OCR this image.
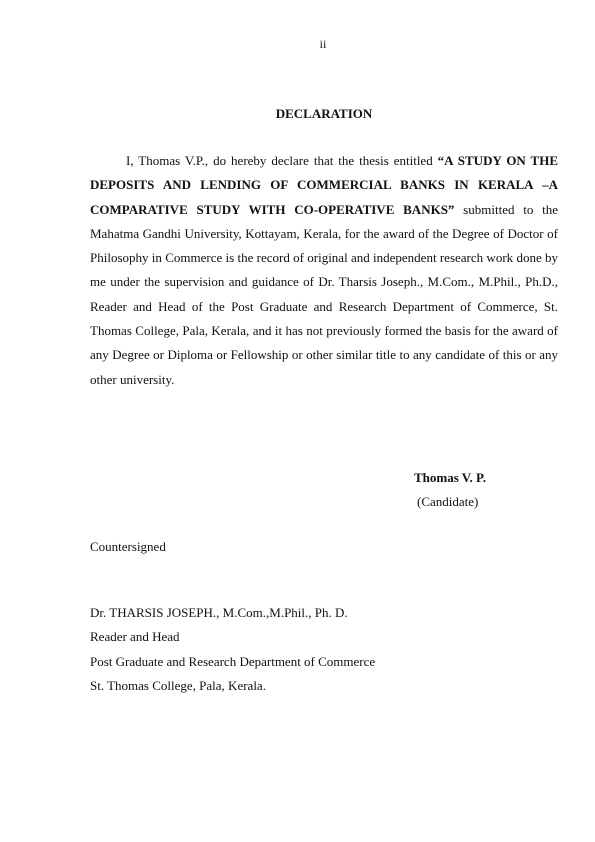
ii
DECLARATION

I, Thomas V.P., do hereby declare that the thesis entitled “A STUDY ON THE DEPOSITS AND LENDING OF COMMERCIAL BANKS IN KERALA –A COMPARATIVE STUDY WITH CO-OPERATIVE BANKS” submitted to the Mahatma Gandhi University, Kottayam, Kerala, for the award of the Degree of Doctor of Philosophy in Commerce is the record of original and independent research work done by me under the supervision and guidance of Dr. Tharsis Joseph., M.Com., M.Phil., Ph.D., Reader and Head of the Post Graduate and Research Department of Commerce, St. Thomas College, Pala, Kerala, and it has not previously formed the basis for the award of any Degree or Diploma or Fellowship or other similar title to any candidate of this or any other university.

Thomas V. P.
(Candidate)
Countersigned
Dr. THARSIS JOSEPH., M.Com.,M.Phil., Ph. D.
Reader and Head
Post Graduate and Research Department of Commerce
St. Thomas College, Pala, Kerala.
